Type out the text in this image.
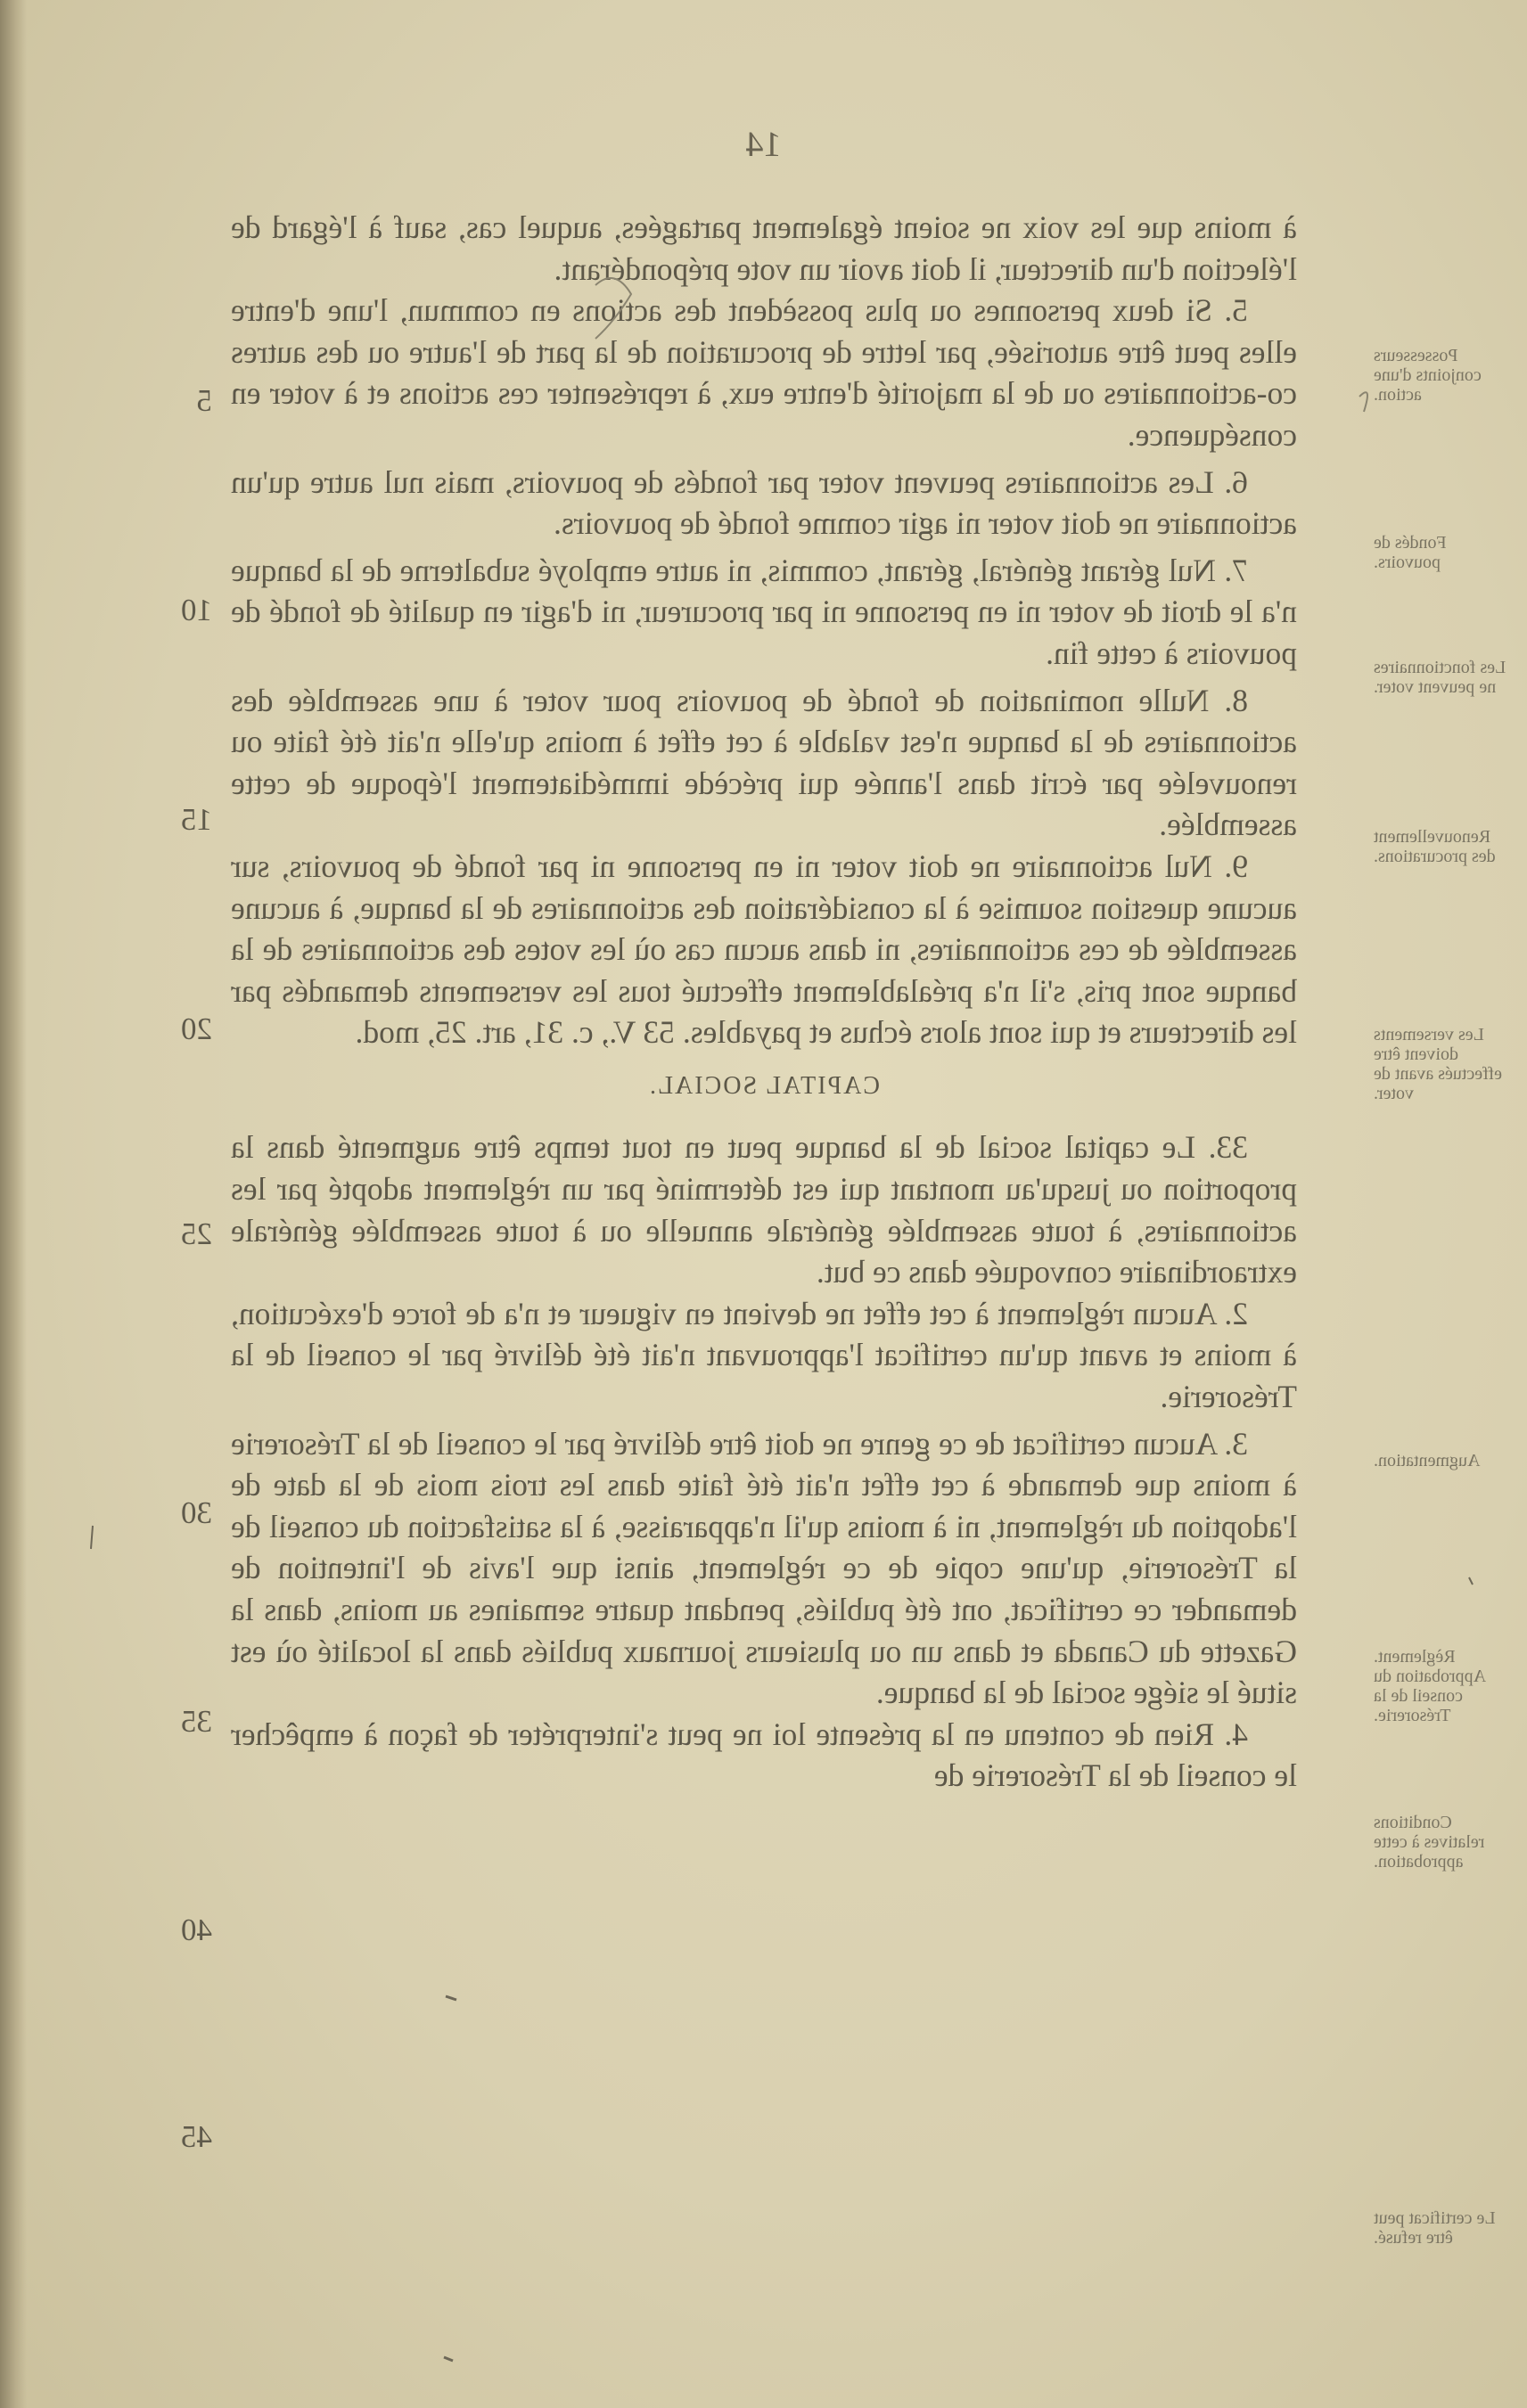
14

à moins que les voix ne soient également partagées, auquel cas, sauf à l'égard de l'élection d'un directeur, il doit avoir un vote prépondérant.

5. Si deux personnes ou plus possèdent des actions en commun, l'une d'entre elles peut être autorisée, par lettre de procuration de la part de l'autre ou des autres co-actionnaires ou de la majorité d'entre eux, à représenter ces actions et à voter en conséquence.

6. Les actionnaires peuvent voter par fondés de pouvoirs, mais nul autre qu'un actionnaire ne doit voter ni agir comme fondé de pouvoirs.

7. Nul gérant général, gérant, commis, ni autre employé subalterne de la banque n'a le droit de voter ni en personne ni par procureur, ni d'agir en qualité de fondé de pouvoirs à cette fin.

8. Nulle nomination de fondé de pouvoirs pour voter à une assemblée des actionnaires de la banque n'est valable à cet effet à moins qu'elle n'ait été faite ou renouvelée par écrit dans l'année qui précède immédiatement l'époque de cette assemblée.

9. Nul actionnaire ne doit voter ni en personne ni par fondé de pouvoirs, sur aucune question soumise à la considération des actionnaires de la banque, à aucune assemblée de ces actionnaires, ni dans aucun cas où les votes des actionnaires de la banque sont pris, s'il n'a préalablement effectué tous les versements demandés par les directeurs et qui sont alors échus et payables. 53 V., c. 31, art. 25, mod.

CAPITAL SOCIAL.

33. Le capital social de la banque peut en tout temps être augmenté dans la proportion ou jusqu'au montant qui est déterminé par un règlement adopté par les actionnaires, à toute assemblée générale annuelle ou à toute assemblée générale extraordinaire convoquée dans ce but.

2. Aucun règlement à cet effet ne devient en vigueur et n'a de force d'exécution, à moins et avant qu'un certificat l'approuvant n'ait été délivré par le conseil de la Trésorerie.

3. Aucun certificat de ce genre ne doit être délivré par le conseil de la Trésorerie à moins que demande à cet effet n'ait été faite dans les trois mois de la date de l'adoption du règlement, ni à moins qu'il n'apparaisse, à la satisfaction du conseil de la Trésorerie, qu'une copie de ce règlement, ainsi que l'avis de l'intention de demander ce certificat, ont été publiés, pendant quatre semaines au moins, dans la Gazette du Canada et dans un ou plusieurs journaux publiés dans la localité où est situé le siége social de la banque.

4. Rien de contenu en la présente loi ne peut s'interpréter de façon à empêcher le conseil de la Trésorerie de

Possesseurs conjoints d'une action.
Fondés de pouvoirs.
Les fonctionnaires ne peuvent voter.
Renouvellement des procurations.
Les versements doivent être effectués avant de voter.
Augmentation.
Règlement. Approbation du conseil de la Trésorerie.
Conditions relatives à cette approbation.
Le certificat peut être refusé.
5
10
15
20
25
30
35
40
45
